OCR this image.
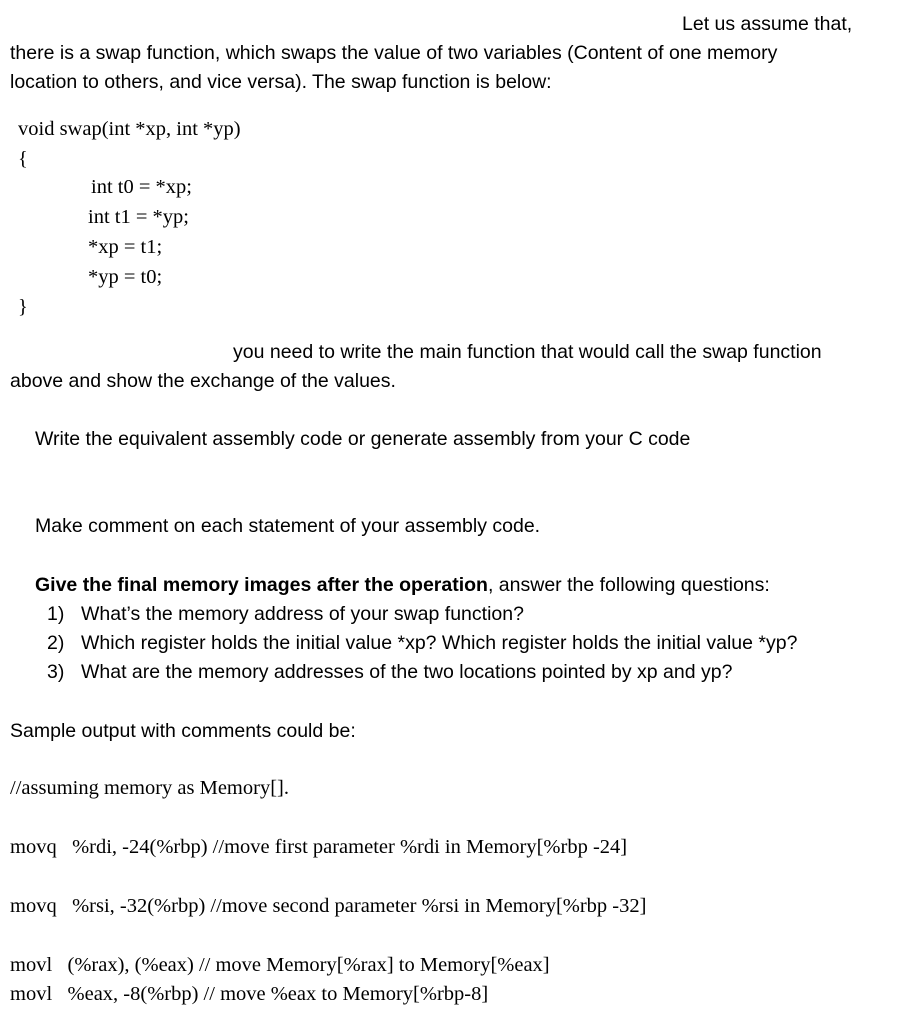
Let us assume that,
there is a swap function, which swaps the value of two variables (Content of one memory
location to others, and vice versa). The swap function is below:
void swap(int *xp, int *yp)
{
int t0 = *xp;
int t1 = *yp;
*xp = t1;
*yp = t0;
}
you need to write the main function that would call the swap function
above and show the exchange of the values.
Write the equivalent assembly code or generate assembly from your C code
Make comment on each statement of your assembly code.
Give the final memory images after the operation, answer the following questions:
1) What’s the memory address of your swap function?
2) Which register holds the initial value *xp? Which register holds the initial value *yp?
3) What are the memory addresses of the two locations pointed by xp and yp?
Sample output with comments could be:
//assuming memory as Memory[].
movq   %rdi, -24(%rbp) //move first parameter %rdi in Memory[%rbp -24]
movq   %rsi, -32(%rbp) //move second parameter %rsi in Memory[%rbp -32]
movl   (%rax), (%eax) // move Memory[%rax] to Memory[%eax]
movl   %eax, -8(%rbp) // move %eax to Memory[%rbp-8]
